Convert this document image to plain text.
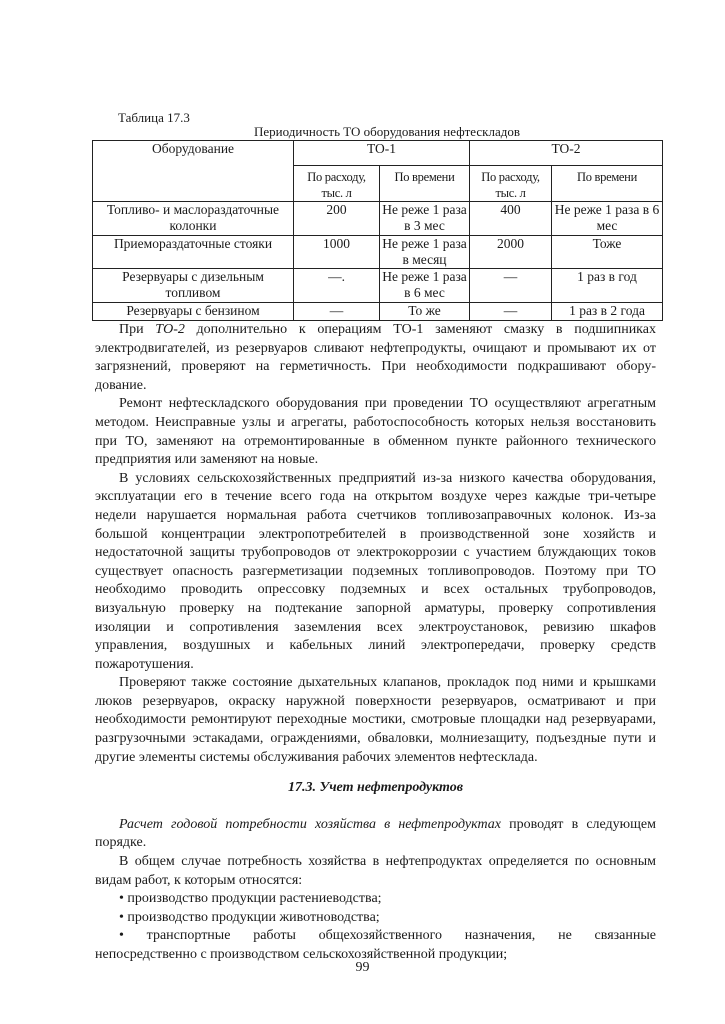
Таблица 17.3
Периодичность ТО оборудования нефтескладов
Оборудование	ТО-1		ТО-2	
	По расходу, тыс. л	По времени	По расходу, тыс. л	По времени
Топливо- и маслораздаточные колонки	200	Не реже 1 раза в 3 мес	400	Не реже 1 раза в 6 мес
Приемораздаточные стояки	1000	Не реже 1 раза в месяц	2000	Тоже
Резервуары с дизельным топливом	—.	Не реже 1 раза в 6 мес	—	1 раз в год
Резервуары с бензином	—	То же	—	1 раз в 2 года
При ТО-2 дополнительно к операциям ТО-1 заменяют смазку в подшипниках
электродвигателей, из резервуаров сливают нефтепродукты, очищают и промывают их от
загрязнений, проверяют на герметичность. При необходимости подкрашивают обору-
дование.
Ремонт нефтескладского оборудования при проведении ТО осуществляют агрегатным
методом. Неисправные узлы и агрегаты, работоспособность которых нельзя восстановить
при ТО, заменяют на отремонтированные в обменном пункте районного технического
предприятия или заменяют на новые.
В условиях сельскохозяйственных предприятий из-за низкого качества оборудования,
эксплуатации его в течение всего года на открытом воздухе через каждые три-четыре
недели нарушается нормальная работа счетчиков топливозаправочных колонок. Из-за
большой концентрации электропотребителей в производственной зоне хозяйств и
недостаточной защиты трубопроводов от электрокоррозии с участием блуждающих токов
существует опасность разгерметизации подземных топливопроводов. Поэтому при ТО
необходимо проводить опрессовку подземных и всех остальных трубопроводов,
визуальную проверку на подтекание запорной арматуры, проверку сопротивления
изоляции и сопротивления заземления всех электроустановок, ревизию шкафов
управления, воздушных и кабельных линий электропередачи, проверку средств
пожаротушения.
Проверяют также состояние дыхательных клапанов, прокладок под ними и крышками
люков резервуаров, окраску наружной поверхности резервуаров, осматривают и при
необходимости ремонтируют переходные мостики, смотровые площадки над резервуарами,
разгрузочными эстакадами, ограждениями, обваловки, молниезащиту, подъездные пути и
другие элементы системы обслуживания рабочих элементов нефтесклада.
17.3. Учет нефтепродуктов
Расчет годовой потребности хозяйства в нефтепродуктах проводят в следующем
порядке.
В общем случае потребность хозяйства в нефтепродуктах определяется по основным
видам работ, к которым относятся:
• производство продукции растениеводства;
• производство продукции животноводства;
• транспортные работы общехозяйственного назначения, не связанные
непосредственно с производством сельскохозяйственной продукции;
99
